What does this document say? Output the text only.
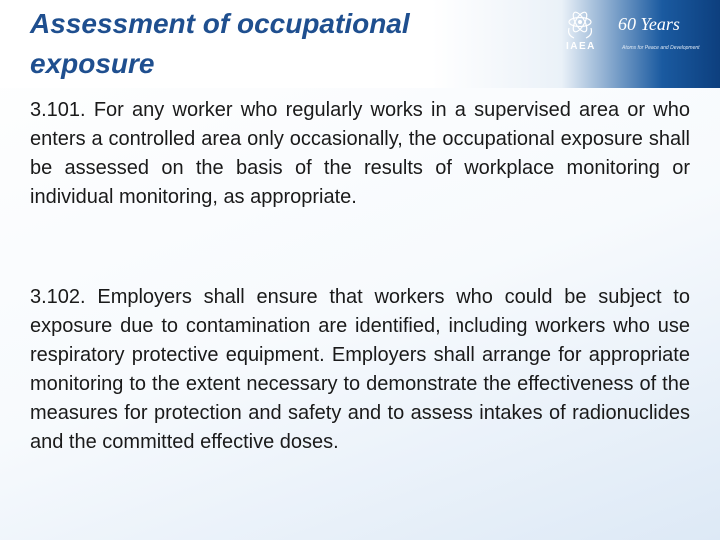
Assessment of occupational exposure
IAEA
60 Years
Atoms for Peace and Development

3.101. For any worker who regularly works in a supervised area or who enters a controlled area only occasionally, the occupational exposure shall be assessed on the basis of the results of workplace monitoring or individual monitoring, as appropriate.

3.102. Employers shall ensure that workers who could be subject to exposure due to contamination are identified, including workers who use respiratory protective equipment. Employers shall arrange for appropriate monitoring to the extent necessary to demonstrate the effectiveness of the measures for protection and safety and to assess intakes of radionuclides and the committed effective doses.
